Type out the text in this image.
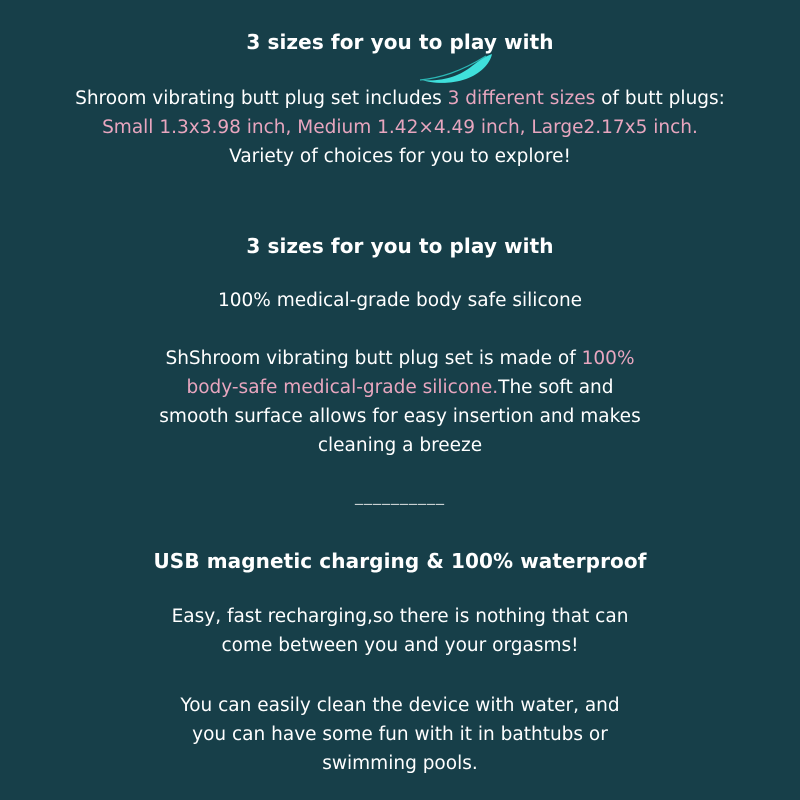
3 sizes for you to play with
Shroom vibrating butt plug set includes 3 different sizes of butt plugs:
Small 1.3x3.98 inch, Medium 1.42×4.49 inch, Large2.17x5 inch.
Variety of choices for you to explore!
3 sizes for you to play with
100% medical-grade body safe silicone
ShShroom vibrating butt plug set is made of 100% body-safe medical-grade silicone.The soft and smooth surface allows for easy insertion and makes cleaning a breeze
__________
USB magnetic charging & 100% waterproof
Easy, fast recharging,so there is nothing that can come between you and your orgasms!
You can easily clean the device with water, and you can have some fun with it in bathtubs or swimming pools.
